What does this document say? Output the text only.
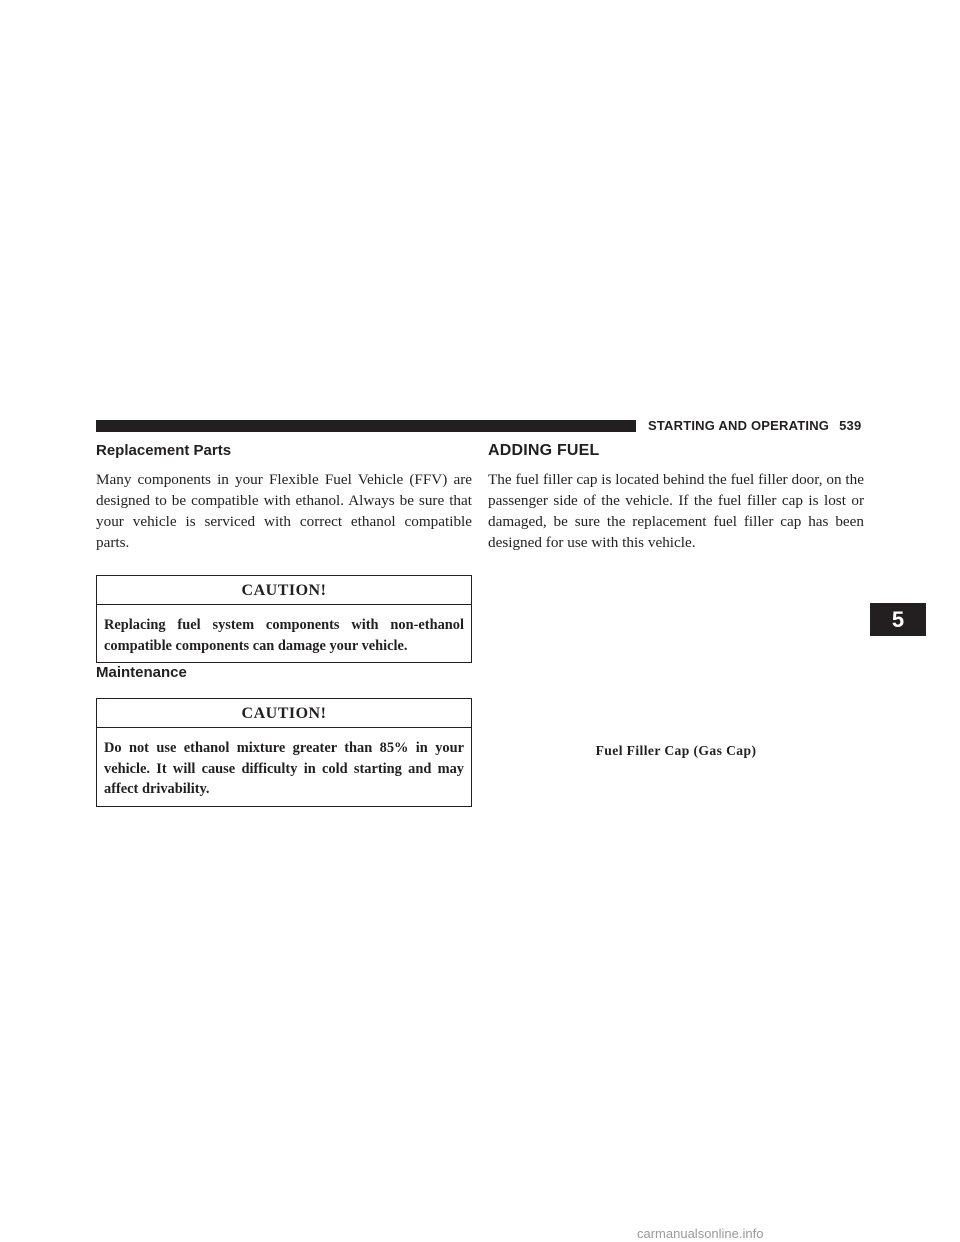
STARTING AND OPERATING 539
Replacement Parts

Many components in your Flexible Fuel Vehicle (FFV) are designed to be compatible with ethanol. Always be sure that your vehicle is serviced with correct ethanol compatible parts.

CAUTION!
Replacing fuel system components with non-ethanol compatible components can damage your vehicle.
Maintenance
CAUTION!
Do not use ethanol mixture greater than 85% in your vehicle. It will cause difficulty in cold starting and may affect drivability.
ADDING FUEL

The fuel filler cap is located behind the fuel filler door, on the passenger side of the vehicle. If the fuel filler cap is lost or damaged, be sure the replacement fuel filler cap has been designed for use with this vehicle.

Fuel Filler Cap (Gas Cap)
5
carmanualsonline.info
